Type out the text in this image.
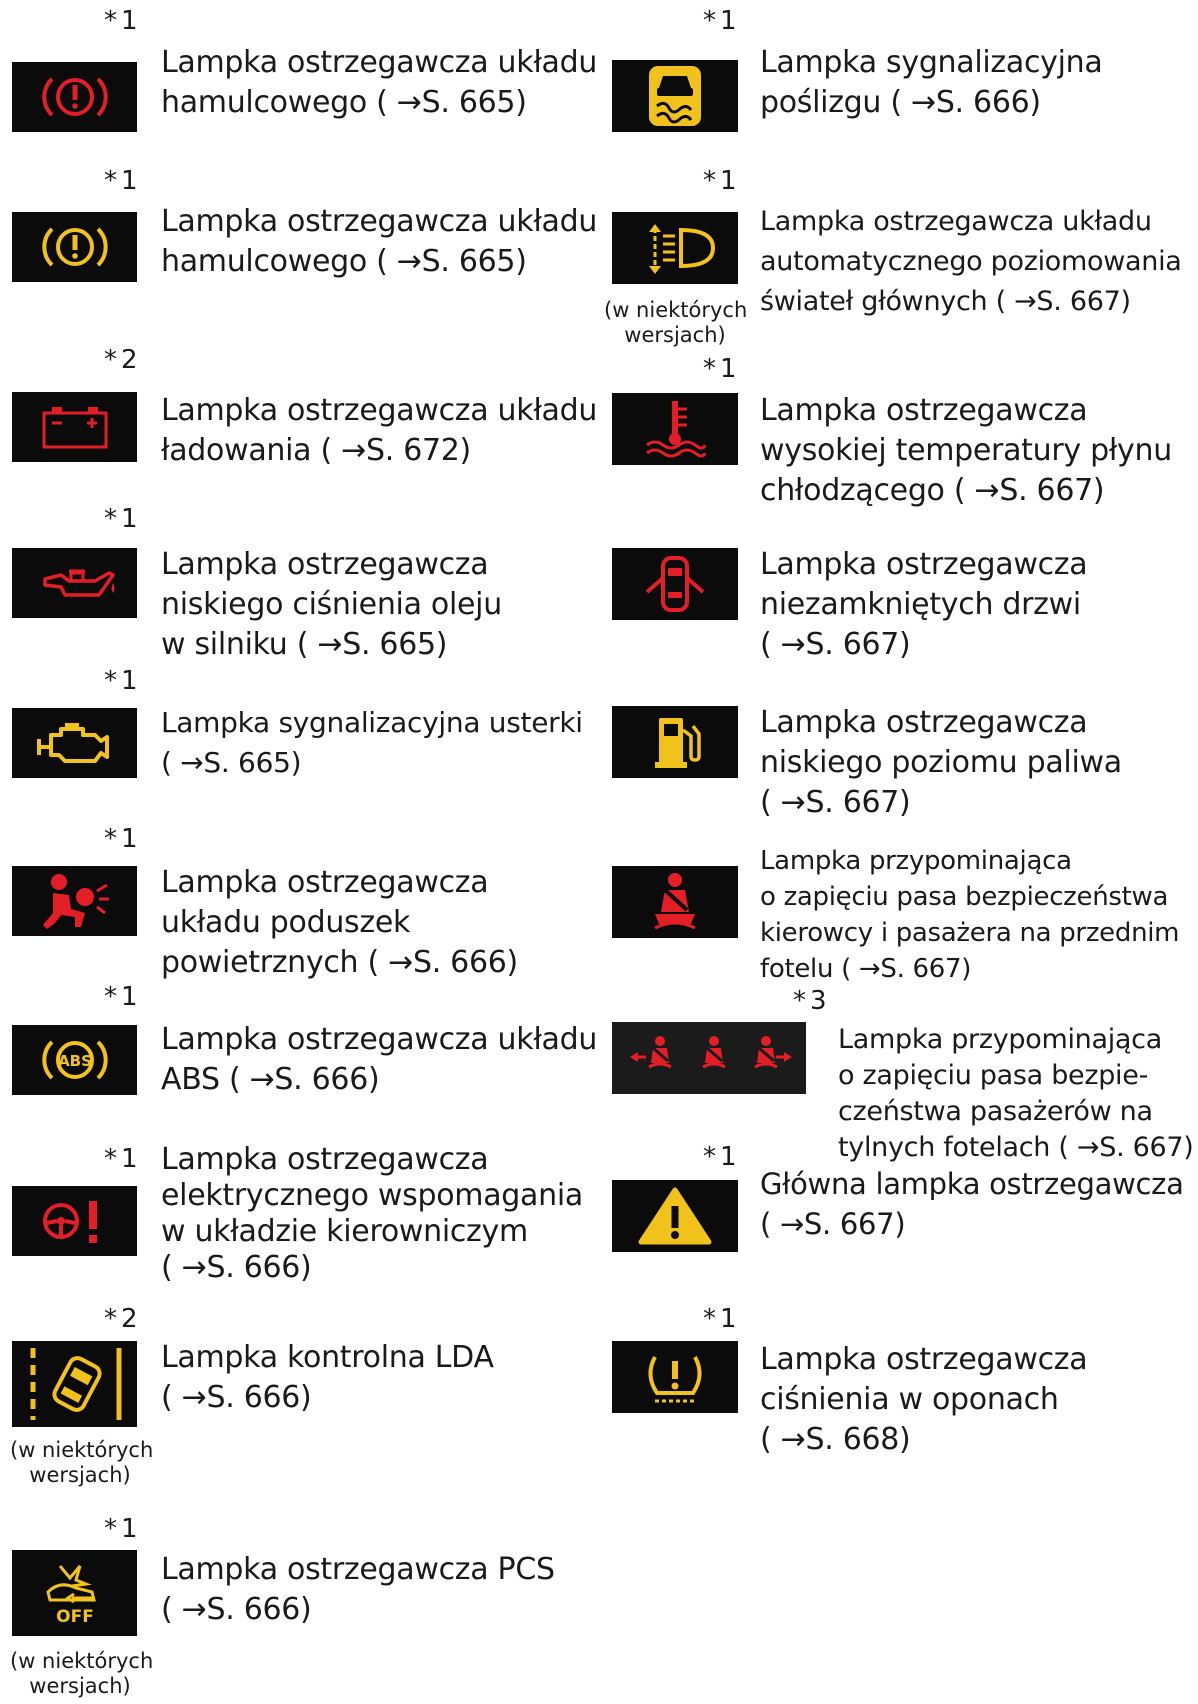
*1

Lampka ostrzegawcza układu
hamulcowego ( →S. 665)

*1

Lampka ostrzegawcza układu
hamulcowego ( →S. 665)

*2

Lampka ostrzegawcza układu
ładowania ( →S. 672)

*1

Lampka ostrzegawcza
niskiego ciśnienia oleju
w silniku ( →S. 665)

*1

Lampka sygnalizacyjna usterki
( →S. 665)

*1

Lampka ostrzegawcza
układu poduszek
powietrznych ( →S. 666)

*1
ABS

Lampka ostrzegawcza układu
ABS ( →S. 666)

*1 Lampka ostrzegawcza
elektrycznego wspomagania
w układzie kierowniczym
( →S. 666)

*2

Lampka kontrolna LDA
( →S. 666)

(w niektórych
wersjach)
*1
OFF

Lampka ostrzegawcza PCS
( →S. 666)

(w niektórych
wersjach)
*1

Lampka sygnalizacyjna
poślizgu ( →S. 666)

*1

Lampka ostrzegawcza układu
automatycznego poziomowania
świateł głównych ( →S. 667)

(w niektórych
wersjach)
*1

Lampka ostrzegawcza
wysokiej temperatury płynu
chłodzącego ( →S. 667)

Lampka ostrzegawcza
niezamkniętych drzwi
( →S. 667)

Lampka ostrzegawcza
niskiego poziomu paliwa
( →S. 667)

Lampka przypominająca
o zapięciu pasa bezpieczeństwa
kierowcy i pasażera na przednim
fotelu ( →S. 667)

*3

Lampka przypominająca
o zapięciu pasa bezpie-
czeństwa pasażerów na
tylnych fotelach ( →S. 667)

*1

Główna lampka ostrzegawcza
( →S. 667)

*1

Lampka ostrzegawcza
ciśnienia w oponach
( →S. 668)
